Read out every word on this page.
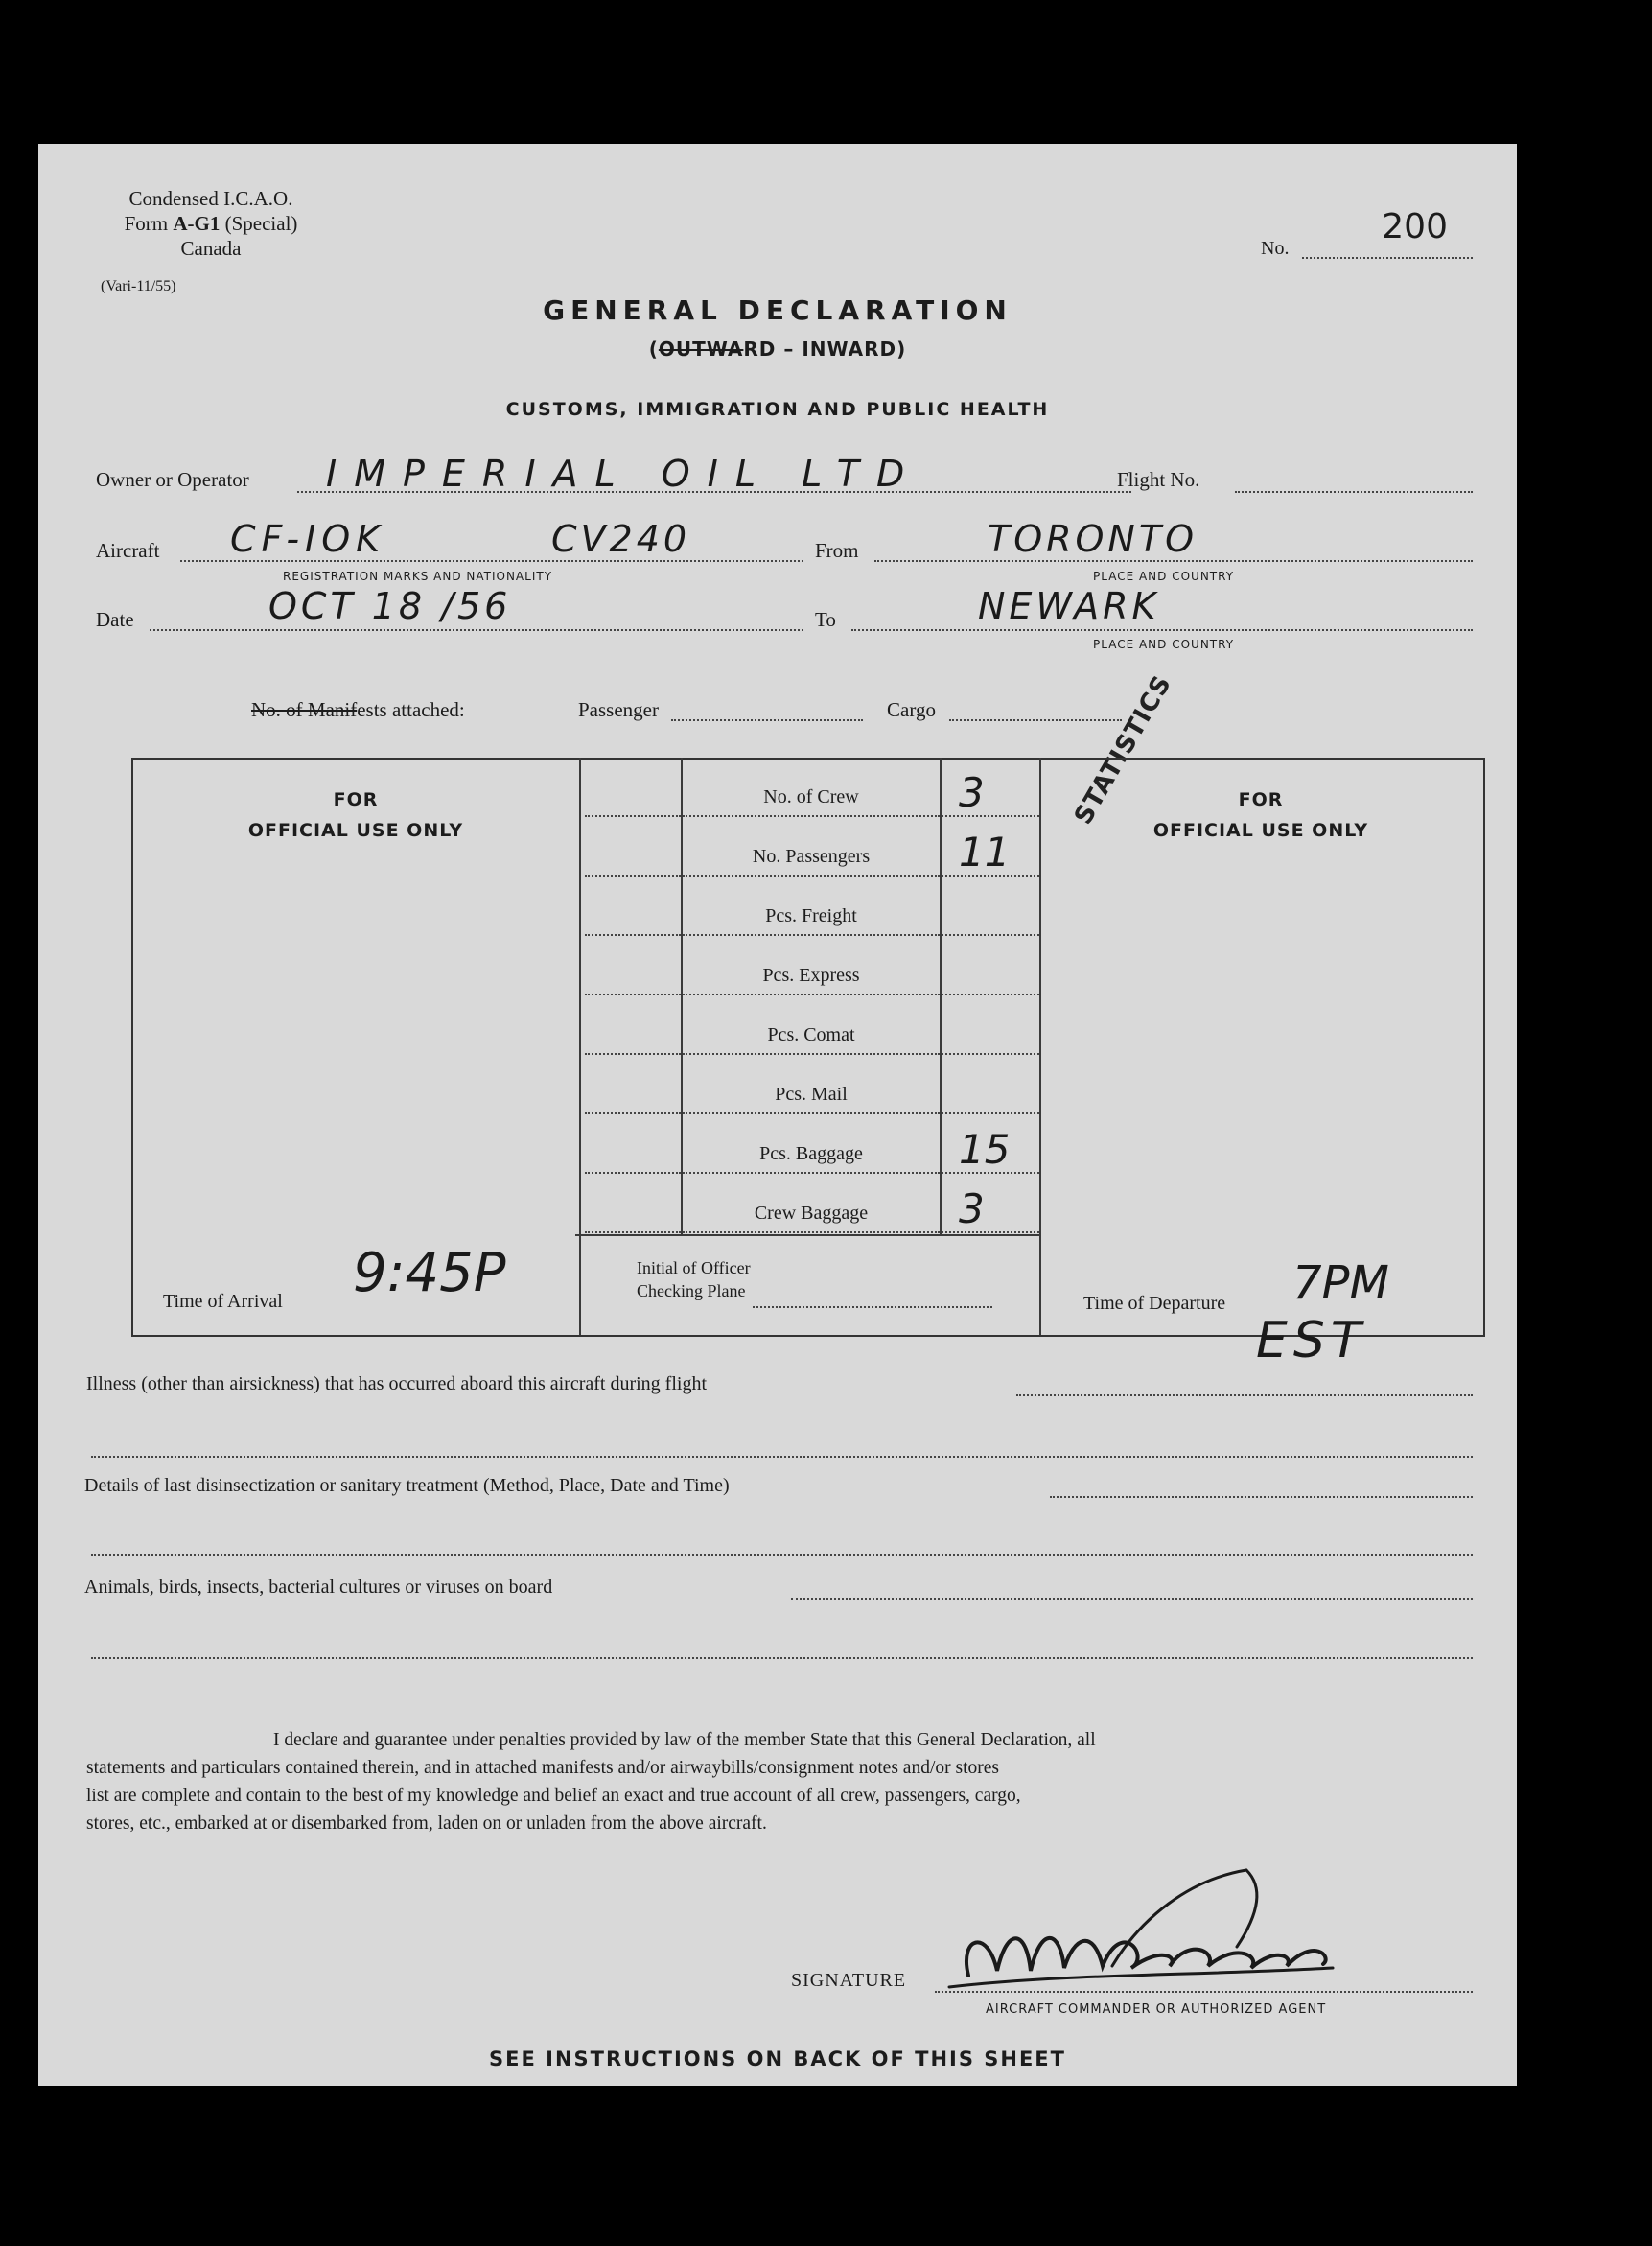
Condensed I.C.A.O.
Form A-G1 (Special)
Canada
(Vari-11/55)
No.
200
GENERAL DECLARATION
(OUTWARD – INWARD)
CUSTOMS, IMMIGRATION AND PUBLIC HEALTH
Owner or Operator IMPERIAL OIL LTD	Flight No.
Aircraft CF-IOK	CV240
REGISTRATION MARKS AND NATIONALITY
From	TORONTO
PLACE AND COUNTRY
Date	OCT 18 /56	To	NEWARK
PLACE AND COUNTRY
No. of Manifests attached:	Passenger	Cargo	STATISTICS
FOR
OFFICIAL USE ONLY
FOR
OFFICIAL USE ONLY
No. of Crew	3
No. Passengers	11
Pcs. Freight
Pcs. Express
Pcs. Comat
Pcs. Mail
Pcs. Baggage	15
Crew Baggage	3
Time of Arrival 9:45P	Initial of Officer
Checking Plane
Time of Departure 7PM
EST
Illness (other than airsickness) that has occurred aboard this aircraft during flight
Details of last disinsectization or sanitary treatment (Method, Place, Date and Time)
Animals, birds, insects, bacterial cultures or viruses on board
I declare and guarantee under penalties provided by law of the member State that this General Declaration, all
statements and particulars contained therein, and in attached manifests and/or airwaybills/consignment notes and/or stores
list are complete and contain to the best of my knowledge and belief an exact and true account of all crew, passengers, cargo,
stores, etc., embarked at or disembarked from, laden on or unladen from the above aircraft.
SIGNATURE
AIRCRAFT COMMANDER OR AUTHORIZED AGENT
SEE INSTRUCTIONS ON BACK OF THIS SHEET
